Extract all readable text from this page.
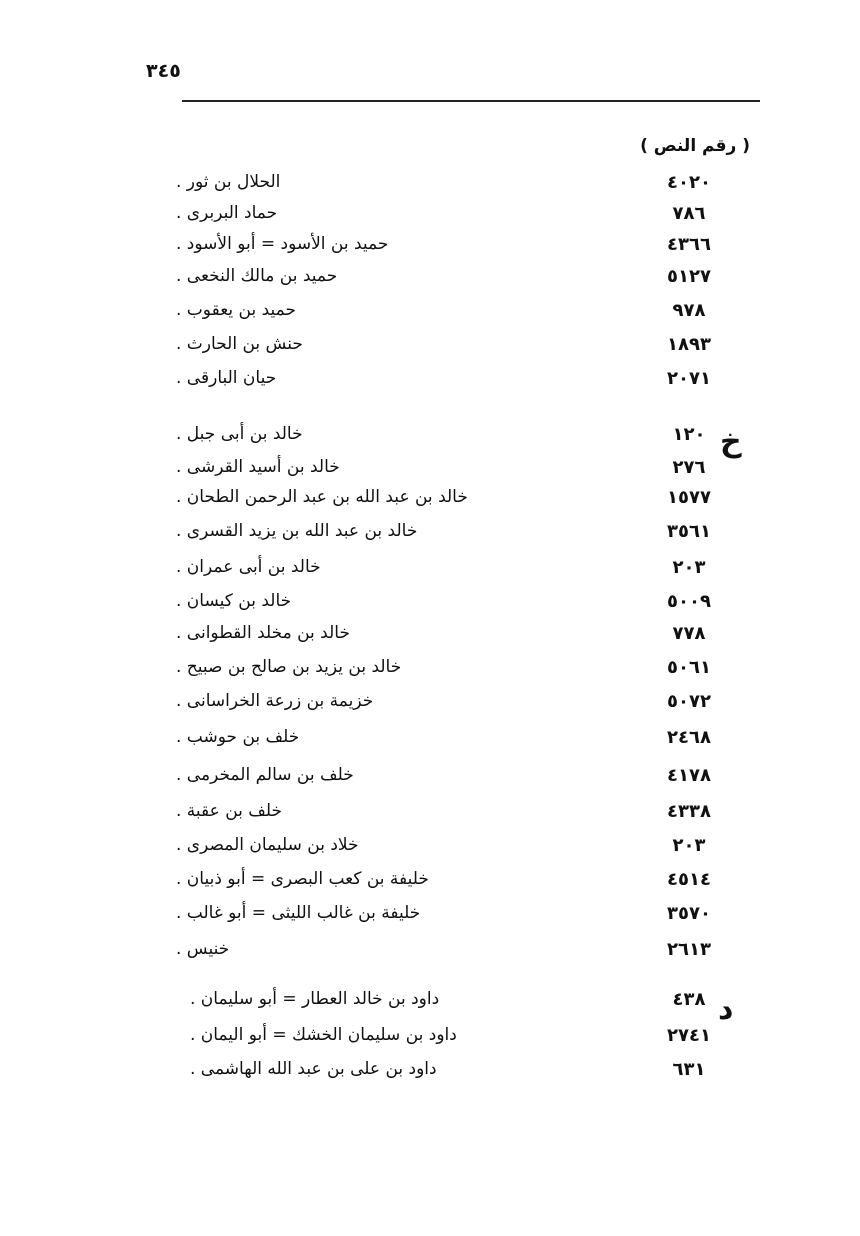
٣٤٥
( رقم النص )
٤٠٢٠
الحلال بن ثور .
٧٨٦
حماد البربرى .
٤٣٦٦
حميد بن الأسود = أبو الأسود .
٥١٢٧
حميد بن مالك النخعى .
٩٧٨
حميد بن يعقوب .
١٨٩٣
حنش بن الحارث .
٢٠٧١
حيان البارقى .
١٢٠
خالد بن أبى جبل .
٢٧٦
خالد بن أسيد القرشى .
١٥٧٧
خالد بن عبد الله بن عبد الرحمن الطحان .
٣٥٦١
خالد بن عبد الله بن يزيد القسرى .
٢٠٣
خالد بن أبى عمران .
٥٠٠٩
خالد بن كيسان .
٧٧٨
خالد بن مخلد القطوانى .
٥٠٦١
خالد بن يزيد بن صالح بن صبيح .
٥٠٧٢
خزيمة بن زرعة الخراسانى .
٢٤٦٨
خلف بن حوشب .
٤١٧٨
خلف بن سالم المخرمى .
٤٣٣٨
خلف بن عقبة .
٢٠٣
خلاد بن سليمان المصرى .
٤٥١٤
خليفة بن كعب البصرى = أبو ذبيان .
٣٥٧٠
خليفة بن غالب الليثى = أبو غالب .
٢٦١٣
خنيس .
٤٣٨
داود بن خالد العطار = أبو سليمان .
٢٧٤١
داود بن سليمان الخشك = أبو اليمان .
٦٣١
داود بن على بن عبد الله الهاشمى .
خ
د
